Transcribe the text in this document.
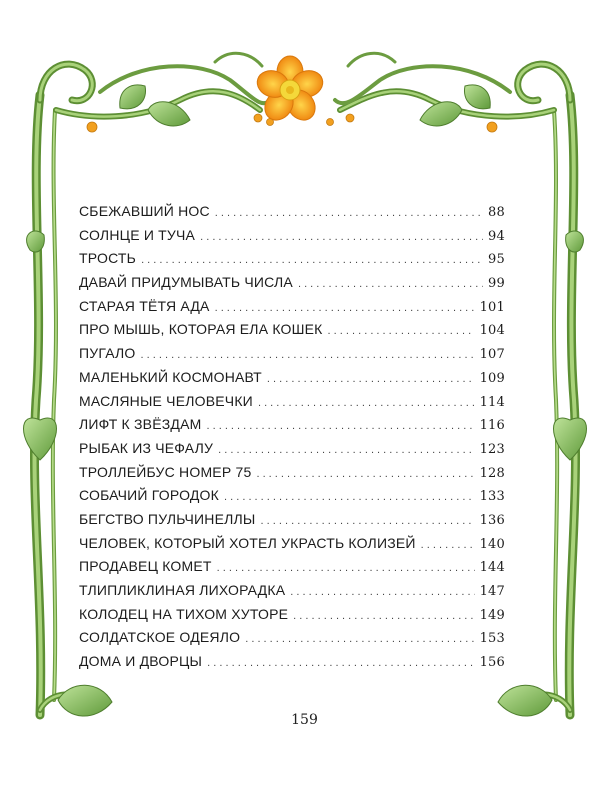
СБЕЖАВШИЙ НОС . . .	88
СОЛНЦЕ И ТУЧА . . .	94
ТРОСТЬ . . .	95
ДАВАЙ ПРИДУМЫВАТЬ ЧИСЛА . . .	99
СТАРАЯ ТЁТЯ АДА . . .	101
ПРО МЫШЬ, КОТОРАЯ ЕЛА КОШЕК . . .	104
ПУГАЛО . . .	107
МАЛЕНЬКИЙ КОСМОНАВТ . . .	109
МАСЛЯНЫЕ ЧЕЛОВЕЧКИ . . .	114
ЛИФТ К ЗВЁЗДАМ . . .	116
РЫБАК ИЗ ЧЕФАЛУ . . .	123
ТРОЛЛЕЙБУС НОМЕР 75 . . .	128
СОБАЧИЙ ГОРОДОК . . .	133
БЕГСТВО ПУЛЬЧИНЕЛЛЫ . . .	136
ЧЕЛОВЕК, КОТОРЫЙ ХОТЕЛ УКРАСТЬ КОЛИЗЕЙ . . .	140
ПРОДАВЕЦ КОМЕТ . . .	144
ТЛИПЛИКЛИНАЯ ЛИХОРАДКА . . .	147
КОЛОДЕЦ НА ТИХОМ ХУТОРЕ . . .	149
СОЛДАТСКОЕ ОДЕЯЛО . . .	153
ДОМА И ДВОРЦЫ . . .	156
159
